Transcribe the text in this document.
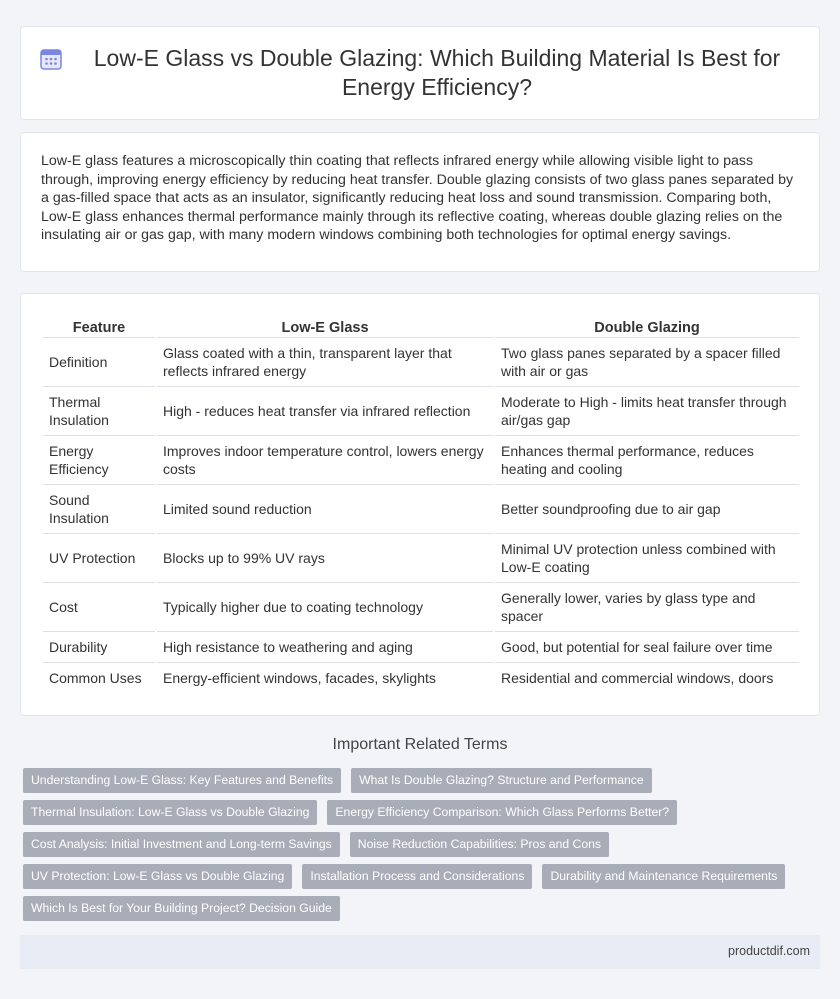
Low-E Glass vs Double Glazing: Which Building Material Is Best for Energy Efficiency?

Low-E glass features a microscopically thin coating that reflects infrared energy while allowing visible light to pass through, improving energy efficiency by reducing heat transfer. Double glazing consists of two glass panes separated by a gas-filled space that acts as an insulator, significantly reducing heat loss and sound transmission. Comparing both, Low-E glass enhances thermal performance mainly through its reflective coating, whereas double glazing relies on the insulating air or gas gap, with many modern windows combining both technologies for optimal energy savings.

Feature	Low-E Glass	Double Glazing
Definition	Glass coated with a thin, transparent layer that reflects infrared energy	Two glass panes separated by a spacer filled with air or gas
Thermal Insulation	High - reduces heat transfer via infrared reflection	Moderate to High - limits heat transfer through air/gas gap
Energy Efficiency	Improves indoor temperature control, lowers energy costs	Enhances thermal performance, reduces heating and cooling
Sound Insulation	Limited sound reduction	Better soundproofing due to air gap
UV Protection	Blocks up to 99% UV rays	Minimal UV protection unless combined with Low-E coating
Cost	Typically higher due to coating technology	Generally lower, varies by glass type and spacer
Durability	High resistance to weathering and aging	Good, but potential for seal failure over time
Common Uses	Energy-efficient windows, facades, skylights	Residential and commercial windows, doors
Important Related Terms
Understanding Low-E Glass: Key Features and Benefits What Is Double Glazing? Structure and Performance
Thermal Insulation: Low-E Glass vs Double Glazing Energy Efficiency Comparison: Which Glass Performs Better?
Cost Analysis: Initial Investment and Long-term Savings Noise Reduction Capabilities: Pros and Cons
UV Protection: Low-E Glass vs Double Glazing Installation Process and Considerations Durability and Maintenance Requirements
Which Is Best for Your Building Project? Decision Guide
productdif.com
